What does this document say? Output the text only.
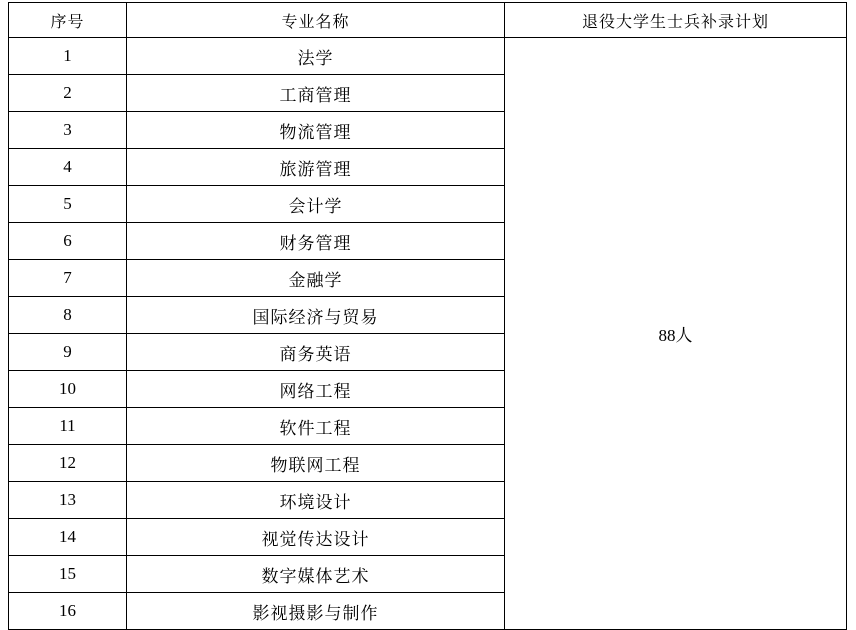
序号	专业名称	退役大学生士兵补录计划
1	法学	88人
2	工商管理	
3	物流管理	
4	旅游管理	
5	会计学	
6	财务管理	
7	金融学	
8	国际经济与贸易	
9	商务英语	
10	网络工程	
11	软件工程	
12	物联网工程	
13	环境设计	
14	视觉传达设计	
15	数字媒体艺术	
16	影视摄影与制作	
